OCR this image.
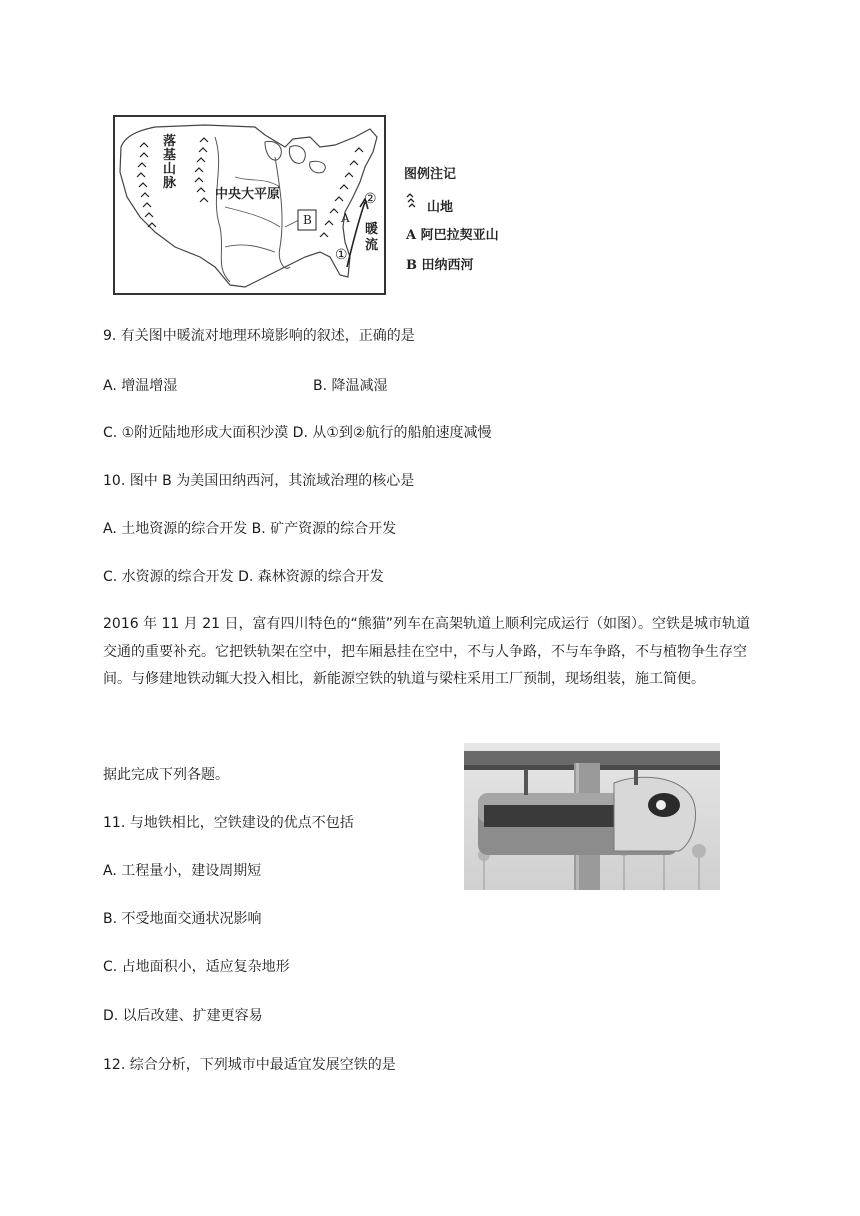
落基山脉
中央大平原
B A
②
暖流
①
图例注记
山地
A 阿巴拉契亚山
B 田纳西河
9. 有关图中暖流对地理环境影响的叙述，正确的是
A. 增温增湿	B. 降温减湿
C. ①附近陆地形成大面积沙漠 D. 从①到②航行的船舶速度减慢
10. 图中 B 为美国田纳西河，其流域治理的核心是
A. 土地资源的综合开发 B. 矿产资源的综合开发
C. 水资源的综合开发 D. 森林资源的综合开发
2016 年 11 月 21 日，富有四川特色的“熊猫”列车在高架轨道上顺利完成运行（如图）。空铁是城市轨道交通的重要补充。它把铁轨架在空中，把车厢悬挂在空中，不与人争路，不与车争路，不与植物争生存空间。与修建地铁动辄大投入相比，新能源空铁的轨道与梁柱采用工厂预制，现场组装，施工简便。
据此完成下列各题。
11. 与地铁相比，空铁建设的优点不包括
A. 工程量小，建设周期短
B. 不受地面交通状况影响
C. 占地面积小，适应复杂地形
D. 以后改建、扩建更容易
12. 综合分析，下列城市中最适宜发展空铁的是
